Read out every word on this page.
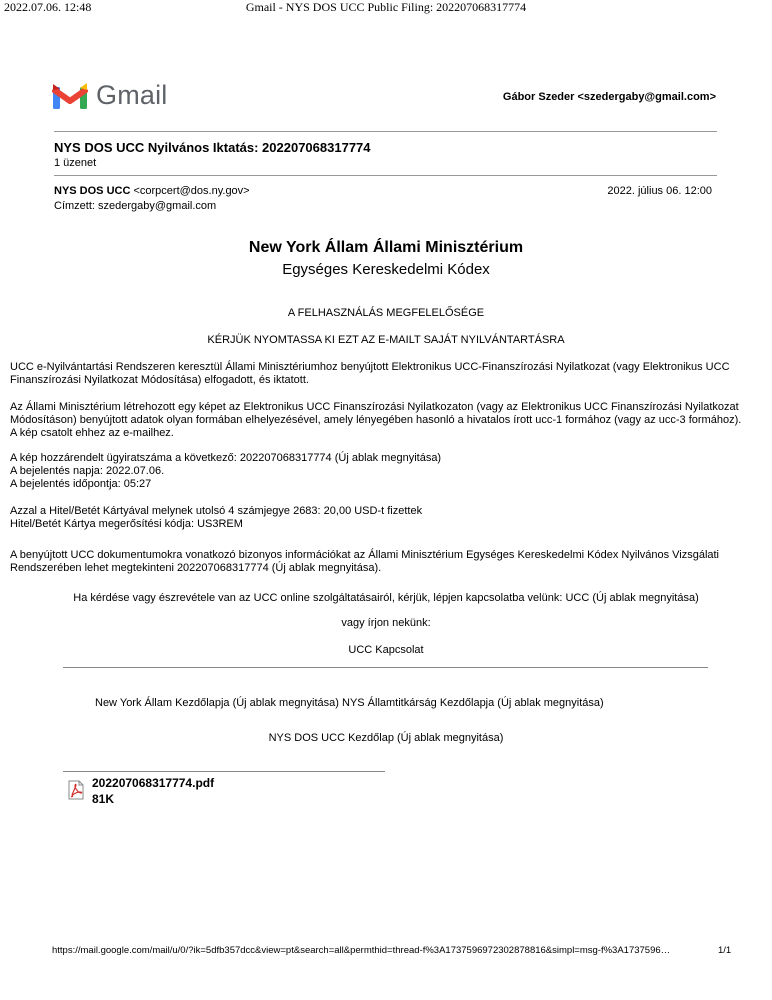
Gmail - NYS DOS UCC Public Filing: 202207068317774
2022.07.06. 12:48
Gmail	Gábor Szeder <szedergaby@gmail.com>
NYS DOS UCC Nyilvános Iktatás: 202207068317774
1 üzenet
NYS DOS UCC <corpcert@dos.ny.gov>	2022. július 06. 12:00
Címzett: szedergaby@gmail.com
New York Állam Állami Minisztérium
Egységes Kereskedelmi Kódex
A FELHASZNÁLÁS MEGFELELŐSÉGE
KÉRJÜK NYOMTASSA KI EZT AZ E-MAILT SAJÁT NYILVÁNTARTÁSRA
UCC e-Nyilvántartási Rendszeren keresztül Állami Minisztériumhoz benyújtott Elektronikus UCC-Finanszírozási Nyilatkozat (vagy Elektronikus UCC
Finanszírozási Nyilatkozat Módosítása) elfogadott, és iktatott.
Az Állami Minisztérium létrehozott egy képet az Elektronikus UCC Finanszírozási Nyilatkozaton (vagy az Elektronikus UCC Finanszírozási Nyilatkozat
Módosításon) benyújtott adatok olyan formában elhelyezésével, amely lényegében hasonló a hivatalos írott ucc-1 formához (vagy az ucc-3 formához).
A kép csatolt ehhez az e-mailhez.
A kép hozzárendelt ügyiratszáma a következő: 202207068317774 (Új ablak megnyitása)
A bejelentés napja: 2022.07.06.
A bejelentés időpontja: 05:27
Azzal a Hitel/Betét Kártyával melynek utolsó 4 számjegye 2683: 20,00 USD-t fizettek
Hitel/Betét Kártya megerősítési kódja: US3REM
A benyújtott UCC dokumentumokra vonatkozó bizonyos információkat az Állami Minisztérium Egységes Kereskedelmi Kódex Nyilvános Vizsgálati
Rendszerében lehet megtekinteni 202207068317774 (Új ablak megnyitása).
Ha kérdése vagy észrevétele van az UCC online szolgáltatásairól, kérjük, lépjen kapcsolatba velünk: UCC (Új ablak megnyitása)
vagy írjon nekünk:
UCC Kapcsolat
New York Állam Kezdőlapja (Új ablak megnyitása) NYS Államtitkárság Kezdőlapja (Új ablak megnyitása)
NYS DOS UCC Kezdőlap (Új ablak megnyitása)
202207068317774.pdf
81K
https://mail.google.com/mail/u/0/?ik=5dfb357dcc&view=pt&search=all&permthid=thread-f%3A1737596972302878816&simpl=msg-f%3A1737596…	1/1
